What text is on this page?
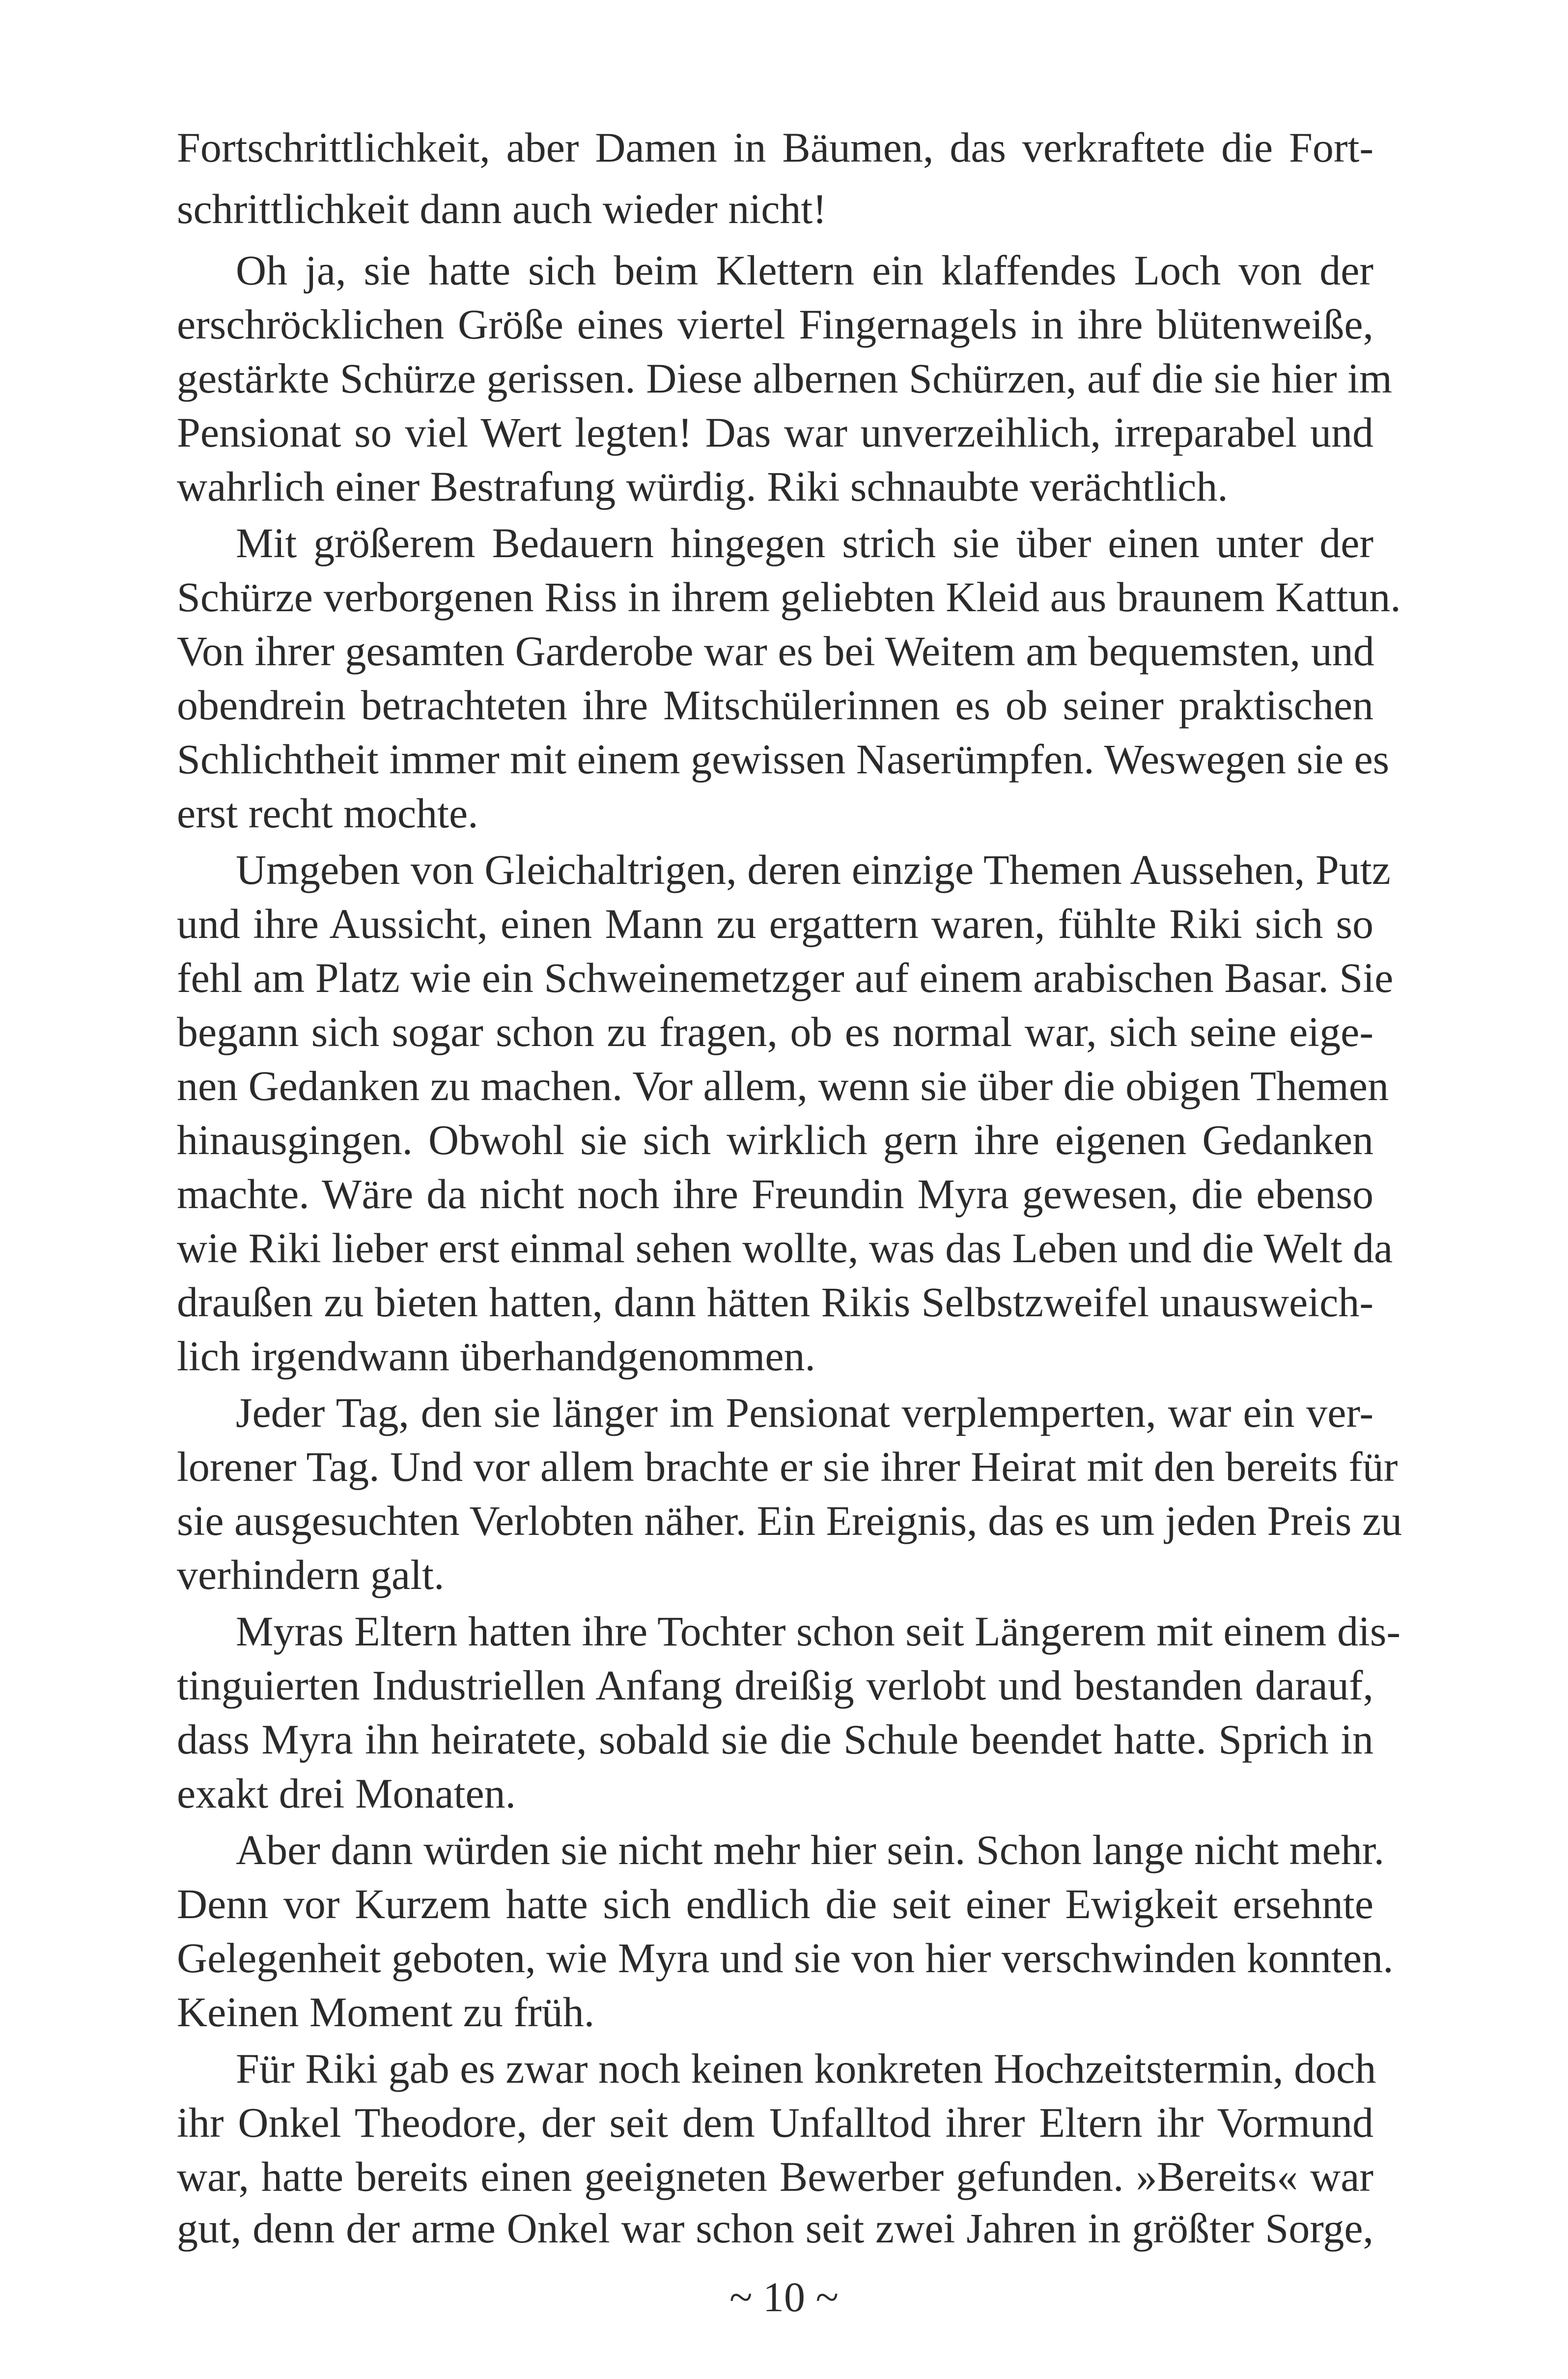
Fortschrittlichkeit, aber Damen in Bäumen, das verkraftete die Fort-
schrittlichkeit dann auch wieder nicht!
Oh ja, sie hatte sich beim Klettern ein klaffendes Loch von der
erschröcklichen Größe eines viertel Fingernagels in ihre blütenweiße,
gestärkte Schürze gerissen. Diese albernen Schürzen, auf die sie hier im
Pensionat so viel Wert legten! Das war unverzeihlich, irreparabel und
wahrlich einer Bestrafung würdig. Riki schnaubte verächtlich.
Mit größerem Bedauern hingegen strich sie über einen unter der
Schürze verborgenen Riss in ihrem geliebten Kleid aus braunem Kattun.
Von ihrer gesamten Garderobe war es bei Weitem am bequemsten, und
obendrein betrachteten ihre Mitschülerinnen es ob seiner praktischen
Schlichtheit immer mit einem gewissen Naserümpfen. Weswegen sie es
erst recht mochte.
Umgeben von Gleichaltrigen, deren einzige Themen Aussehen, Putz
und ihre Aussicht, einen Mann zu ergattern waren, fühlte Riki sich so
fehl am Platz wie ein Schweinemetzger auf einem arabischen Basar. Sie
begann sich sogar schon zu fragen, ob es normal war, sich seine eige-
nen Gedanken zu machen. Vor allem, wenn sie über die obigen Themen
hinausgingen. Obwohl sie sich wirklich gern ihre eigenen Gedanken
machte. Wäre da nicht noch ihre Freundin Myra gewesen, die ebenso
wie Riki lieber erst einmal sehen wollte, was das Leben und die Welt da
draußen zu bieten hatten, dann hätten Rikis Selbstzweifel unausweich-
lich irgendwann überhandgenommen.
Jeder Tag, den sie länger im Pensionat verplemperten, war ein ver-
lorener Tag. Und vor allem brachte er sie ihrer Heirat mit den bereits für
sie ausgesuchten Verlobten näher. Ein Ereignis, das es um jeden Preis zu
verhindern galt.
Myras Eltern hatten ihre Tochter schon seit Längerem mit einem dis-
tinguierten Industriellen Anfang dreißig verlobt und bestanden darauf,
dass Myra ihn heiratete, sobald sie die Schule beendet hatte. Sprich in
exakt drei Monaten.
Aber dann würden sie nicht mehr hier sein. Schon lange nicht mehr.
Denn vor Kurzem hatte sich endlich die seit einer Ewigkeit ersehnte
Gelegenheit geboten, wie Myra und sie von hier verschwinden konnten.
Keinen Moment zu früh.
Für Riki gab es zwar noch keinen konkreten Hochzeitstermin, doch
ihr Onkel Theodore, der seit dem Unfalltod ihrer Eltern ihr Vormund
war, hatte bereits einen geeigneten Bewerber gefunden. »Bereits« war
gut, denn der arme Onkel war schon seit zwei Jahren in größter Sorge,
~ 10 ~
